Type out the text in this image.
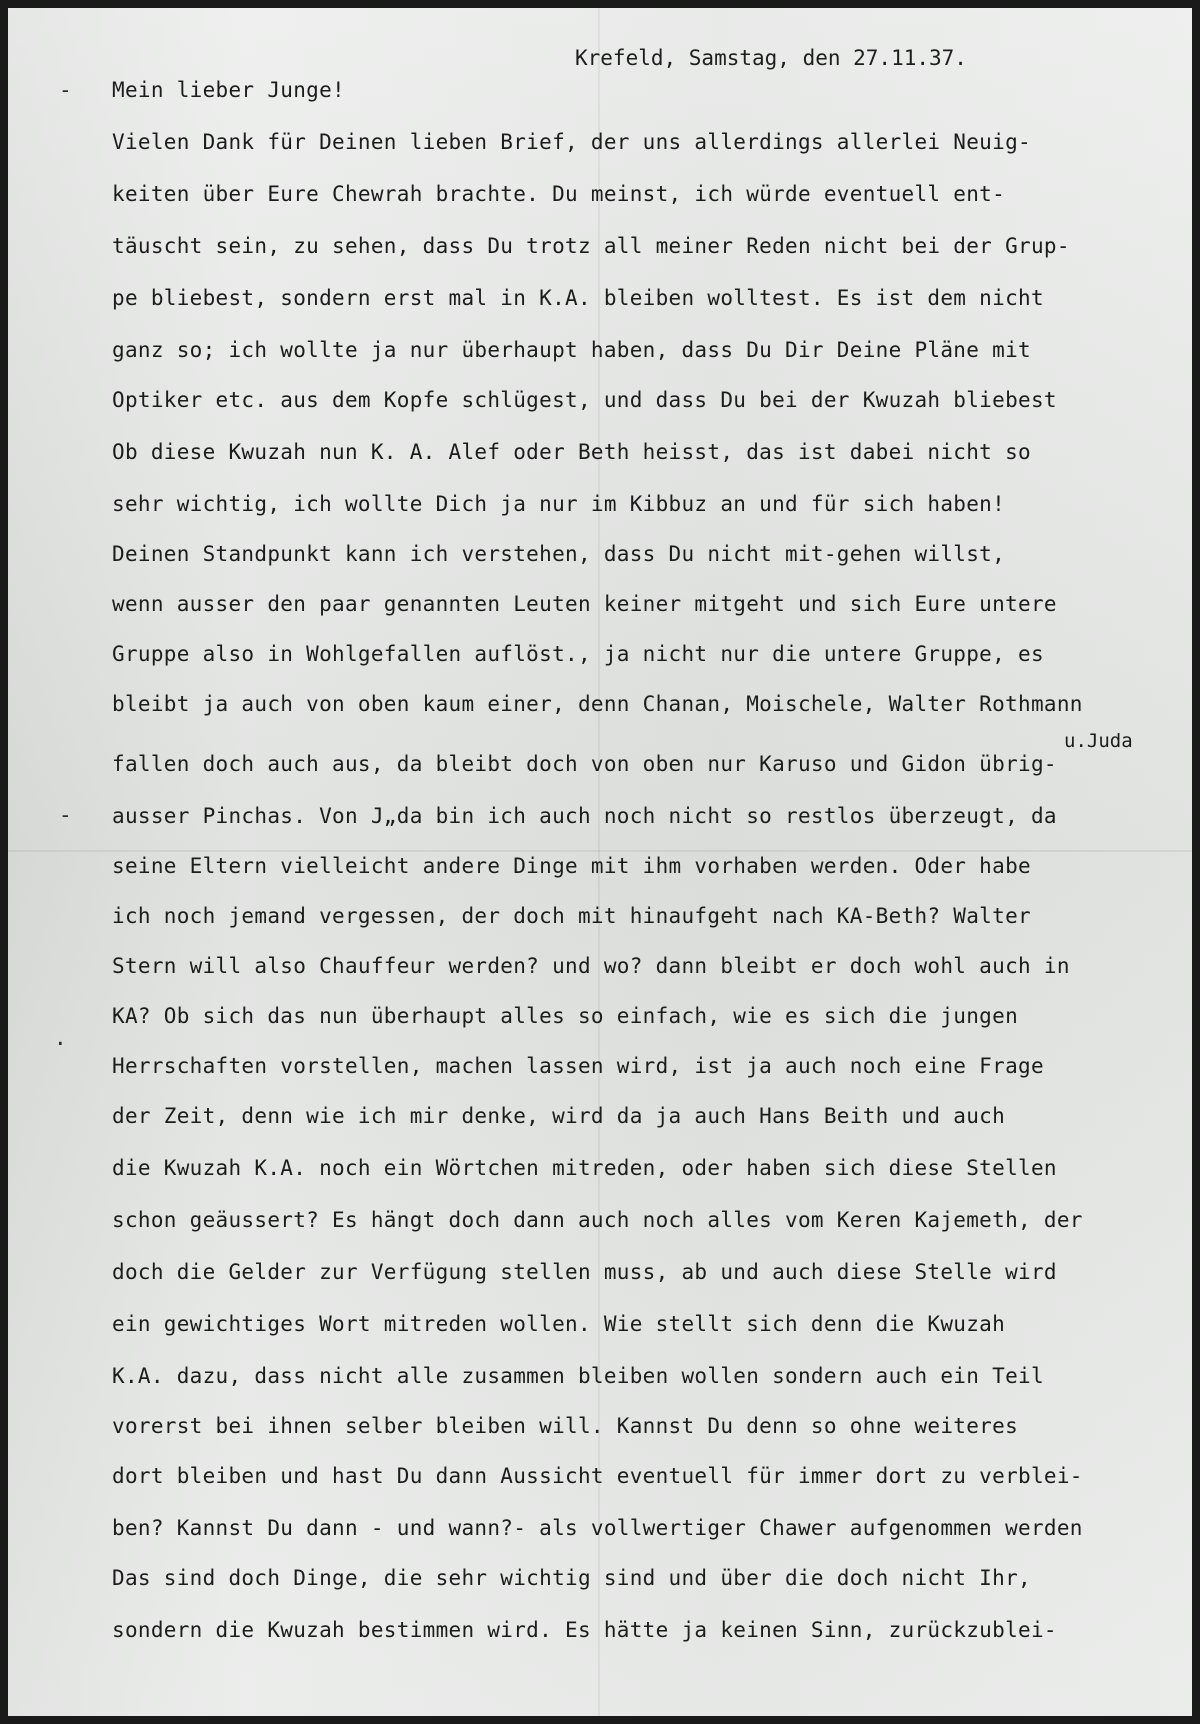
Krefeld, Samstag, den 27.11.37.
-
-
.
u.Juda
Mein lieber Junge!
Vielen Dank für Deinen lieben Brief, der uns allerdings allerlei Neuig-
keiten über Eure Chewrah brachte. Du meinst, ich würde eventuell ent-
täuscht sein, zu sehen, dass Du trotz all meiner Reden nicht bei der Grup-
pe bliebest, sondern erst mal in K.A. bleiben wolltest. Es ist dem nicht
ganz so; ich wollte ja nur überhaupt haben, dass Du Dir Deine Pläne mit
Optiker etc. aus dem Kopfe schlügest, und dass Du bei der Kwuzah bliebest
Ob diese Kwuzah nun K. A. Alef oder Beth heisst, das ist dabei nicht so
sehr wichtig, ich wollte Dich ja nur im Kibbuz an und für sich haben!
Deinen Standpunkt kann ich verstehen, dass Du nicht mit-gehen willst,
wenn ausser den paar genannten Leuten keiner mitgeht und sich Eure untere
Gruppe also in Wohlgefallen auflöst., ja nicht nur die untere Gruppe, es
bleibt ja auch von oben kaum einer, denn Chanan, Moischele, Walter Rothmann
fallen doch auch aus, da bleibt doch von oben nur Karuso und Gidon übrig-
ausser Pinchas. Von J„da bin ich auch noch nicht so restlos überzeugt, da
seine Eltern vielleicht andere Dinge mit ihm vorhaben werden. Oder habe
ich noch jemand vergessen, der doch mit hinaufgeht nach KA-Beth? Walter
Stern will also Chauffeur werden? und wo? dann bleibt er doch wohl auch in
KA? Ob sich das nun überhaupt alles so einfach, wie es sich die jungen
Herrschaften vorstellen, machen lassen wird, ist ja auch noch eine Frage
der Zeit, denn wie ich mir denke, wird da ja auch Hans Beith und auch
die Kwuzah K.A. noch ein Wörtchen mitreden, oder haben sich diese Stellen
schon geäussert? Es hängt doch dann auch noch alles vom Keren Kajemeth, der
doch die Gelder zur Verfügung stellen muss, ab und auch diese Stelle wird
ein gewichtiges Wort mitreden wollen. Wie stellt sich denn die Kwuzah
K.A. dazu, dass nicht alle zusammen bleiben wollen sondern auch ein Teil
vorerst bei ihnen selber bleiben will. Kannst Du denn so ohne weiteres
dort bleiben und hast Du dann Aussicht eventuell für immer dort zu verblei-
ben? Kannst Du dann - und wann?- als vollwertiger Chawer aufgenommen werden
Das sind doch Dinge, die sehr wichtig sind und über die doch nicht Ihr,
sondern die Kwuzah bestimmen wird. Es hätte ja keinen Sinn, zurückzublei-
